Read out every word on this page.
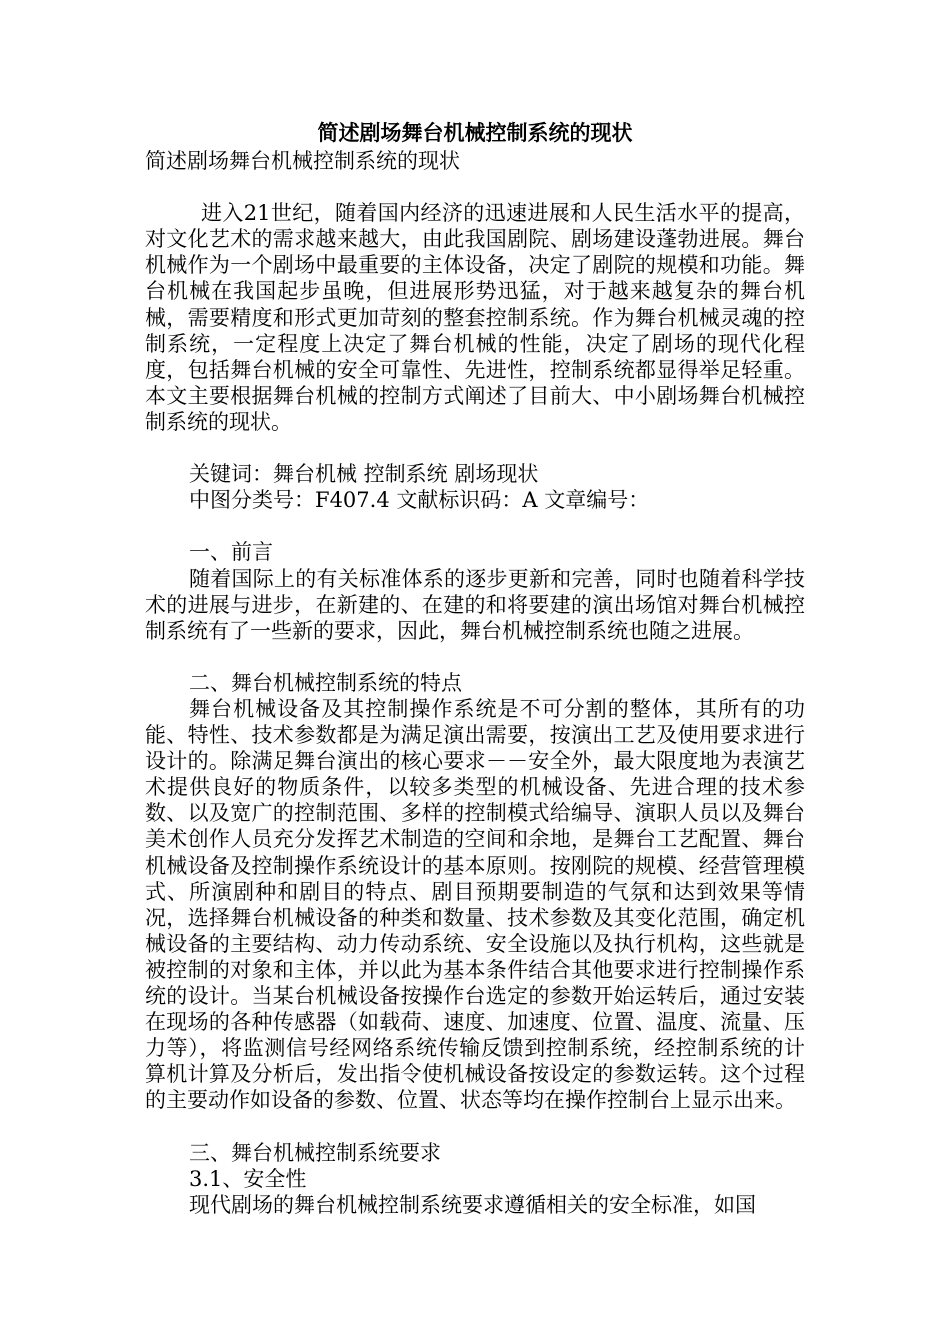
简述剧场舞台机械控制系统的现状

简述剧场舞台机械控制系统的现状

进入21世纪，随着国内经济的迅速进展和人民生活水平的提高，对文化艺术的需求越来越大，由此我国剧院、剧场建设蓬勃进展。舞台机械作为一个剧场中最重要的主体设备，决定了剧院的规模和功能。舞台机械在我国起步虽晚，但进展形势迅猛，对于越来越复杂的舞台机械，需要精度和形式更加苛刻的整套控制系统。作为舞台机械灵魂的控制系统，一定程度上决定了舞台机械的性能，决定了剧场的现代化程度，包括舞台机械的安全可靠性、先进性，控制系统都显得举足轻重。本文主要根据舞台机械的控制方式阐述了目前大、中小剧场舞台机械控制系统的现状。

关键词：舞台机械 控制系统 剧场现状

中图分类号：F407.4 文献标识码：A 文章编号：

一、前言

随着国际上的有关标准体系的逐步更新和完善，同时也随着科学技术的进展与进步，在新建的、在建的和将要建的演出场馆对舞台机械控制系统有了一些新的要求，因此，舞台机械控制系统也随之进展。

二、舞台机械控制系统的特点

舞台机械设备及其控制操作系统是不可分割的整体，其所有的功能、特性、技术参数都是为满足演出需要，按演出工艺及使用要求进行设计的。除满足舞台演出的核心要求－－安全外，最大限度地为表演艺术提供良好的物质条件，以较多类型的机械设备、先进合理的技术参数、以及宽广的控制范围、多样的控制模式给编导、演职人员以及舞台美术创作人员充分发挥艺术制造的空间和余地，是舞台工艺配置、舞台机械设备及控制操作系统设计的基本原则。按刚院的规模、经营管理模式、所演剧种和剧目的特点、剧目预期要制造的气氛和达到效果等情况，选择舞台机械设备的种类和数量、技术参数及其变化范围，确定机械设备的主要结构、动力传动系统、安全设施以及执行机构，这些就是被控制的对象和主体，并以此为基本条件结合其他要求进行控制操作系统的设计。当某台机械设备按操作台选定的参数开始运转后，通过安装在现场的各种传感器（如载荷、速度、加速度、位置、温度、流量、压力等），将监测信号经网络系统传输反馈到控制系统，经控制系统的计算机计算及分析后，发出指令使机械设备按设定的参数运转。这个过程的主要动作如设备的参数、位置、状态等均在操作控制台上显示出来。

三、舞台机械控制系统要求

3.1、安全性

现代剧场的舞台机械控制系统要求遵循相关的安全标准，如国
